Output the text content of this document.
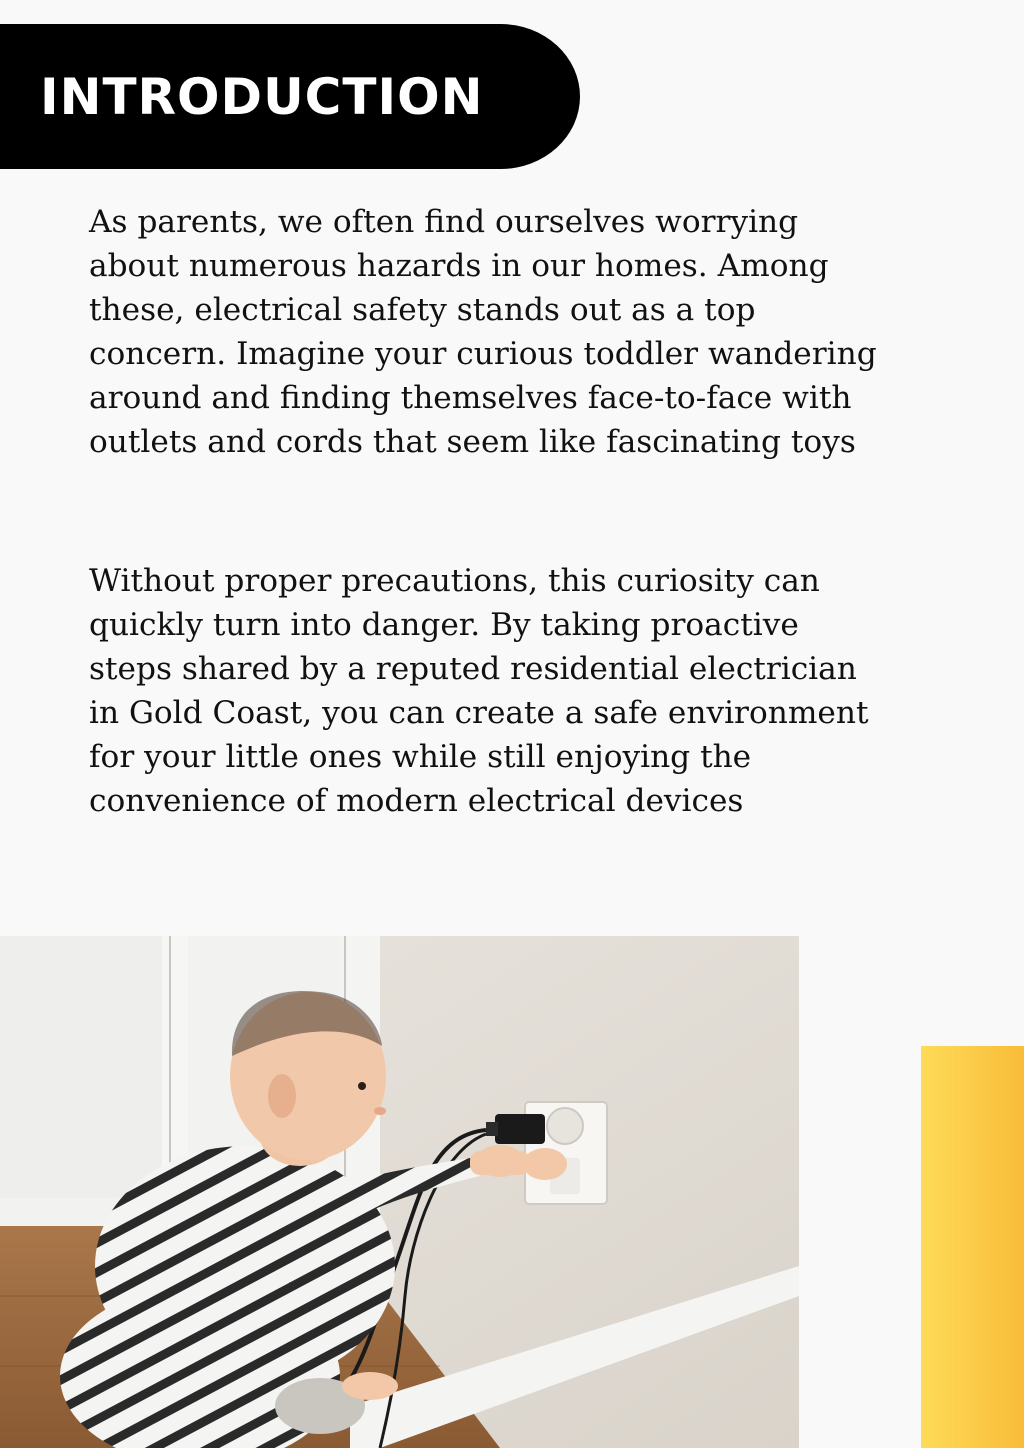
INTRODUCTION

As parents, we often find ourselves worrying about numerous hazards in our homes. Among these, electrical safety stands out as a top concern. Imagine your curious toddler wandering around and finding themselves face-to-face with outlets and cords that seem like fascinating toys

Without proper precautions, this curiosity can quickly turn into danger. By taking proactive steps shared by a reputed residential electrician in Gold Coast, you can create a safe environment for your little ones while still enjoying the convenience of modern electrical devices
